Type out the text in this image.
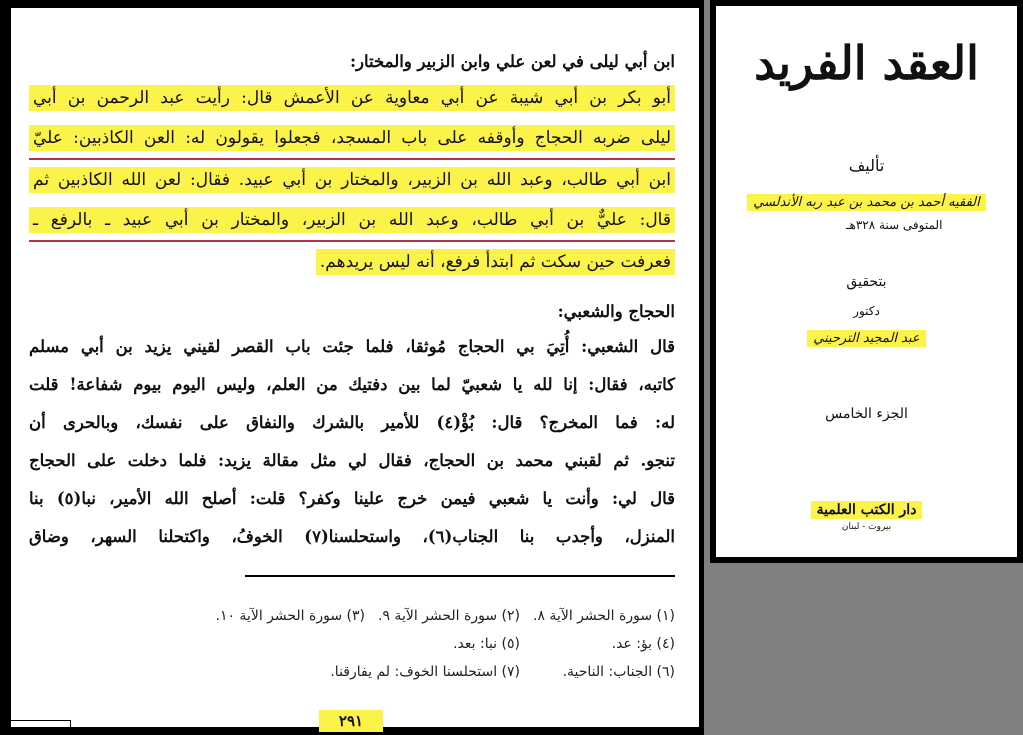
ابن أبي ليلى في لعن علي وابن الزبير والمختار:
أبو بكر بن أبي شيبة عن أبي معاوية عن الأعمش قال: رأيت عبد الرحمن بن أبي
ليلى ضربه الحجاج وأوقفه على باب المسجد، فجعلوا يقولون له: العن الكاذبين: عليّ
ابن أبي طالب، وعبد الله بن الزبير، والمختار بن أبي عبيد. فقال: لعن الله الكاذبين ثم
قال: عليٌّ بن أبي طالب، وعبد الله بن الزبير، والمختار بن أبي عبيد ـ بالرفع ـ
فعرفت حين سكت ثم ابتدأ فرفع، أنه ليس يريدهم.
الحجاج والشعبي:
قال الشعبي: أُتِيَ بي الحجاج مُوثقا، فلما جئت باب القصر لقيني يزيد بن أبي مسلم
كاتبه، فقال: إنا لله يا شعبيّ لما بين دفتيك من العلم، وليس اليوم بيوم شفاعة! قلت
له: فما المخرج؟ قال: بُؤْ(٤) للأمير بالشرك والنفاق على نفسك، وبالحرى أن
تنجو. ثم لقبني محمد بن الحجاج، فقال لي مثل مقالة يزيد: فلما دخلت على الحجاج
قال لي: وأنت يا شعبي فيمن خرج علينا وكفر؟ قلت: أصلح الله الأمير، نبا(٥) بنا
المنزل، وأجدب بنا الجناب(٦)، واستحلسنا(٧) الخوفُ، واكتحلنا السهر، وضاق
(١) سورة الحشر الآية ٨.
(٢) سورة الحشر الآية ٩.
(٣) سورة الحشر الآية ١٠.
(٤) بؤ: عد.
(٥) نبا: بعد.
(٦) الجناب: الناحية.
(٧) استحلسنا الخوف: لم يفارقنا.
٢٩١
العقد الفريد
تأليف
الفقيه أحمد بن محمد بن عبد ربه الأندلسي
المتوفى سنة ٣٢٨هـ
بتحقيق
دكتور
عبد المجيد الترحيني
الجزء الخامس
دار الكتب العلمية
بيروت - لبنان
